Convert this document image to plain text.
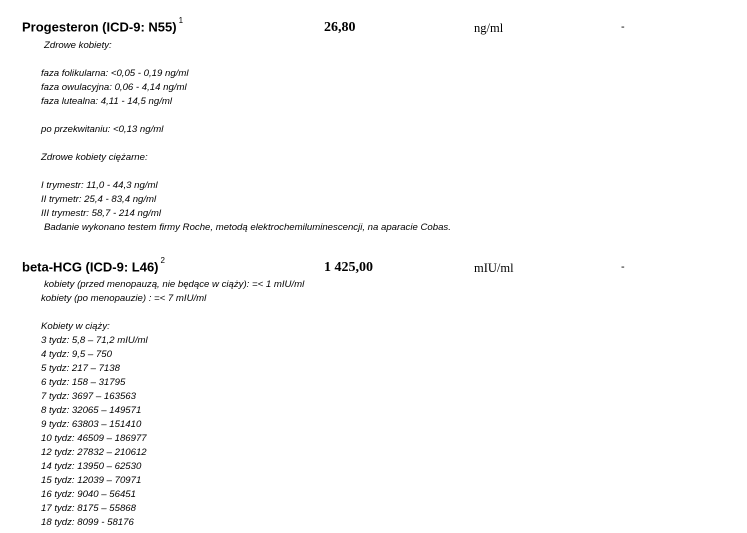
Progesteron (ICD-9: N55) $^1$	26,80	ng/ml	-
Zdrowe kobiety:
faza folikularna: <0,05 - 0,19 ng/ml
faza owulacyjna: 0,06 - 4,14 ng/ml
faza lutealna: 4,11 - 14,5 ng/ml
po przekwitaniu: <0,13 ng/ml
Zdrowe kobiety ciężarne:
I trymestr: 11,0 - 44,3 ng/ml
II trymetr: 25,4 - 83,4 ng/ml
III trymestr: 58,7 - 214 ng/ml
Badanie wykonano testem firmy Roche, metodą elektrochemiluminescencji, na aparacie Cobas.
beta-HCG (ICD-9: L46) $^2$	1 425,00	mIU/ml	-
kobiety (przed menopauzą, nie będące w ciąży): =< 1 mIU/ml
kobiety (po menopauzie) : =< 7 mIU/ml
Kobiety w ciąży:
3 tydz: 5,8 – 71,2 mIU/ml
4 tydz: 9,5 – 750
5 tydz: 217 – 7138
6 tydz: 158 – 31795
7 tydz: 3697 – 163563
8 tydz: 32065 – 149571
9 tydz: 63803 – 151410
10 tydz: 46509 – 186977
12 tydz: 27832 – 210612
14 tydz: 13950 – 62530
15 tydz: 12039 – 70971
16 tydz: 9040 – 56451
17 tydz: 8175 – 55868
18 tydz: 8099 - 58176
